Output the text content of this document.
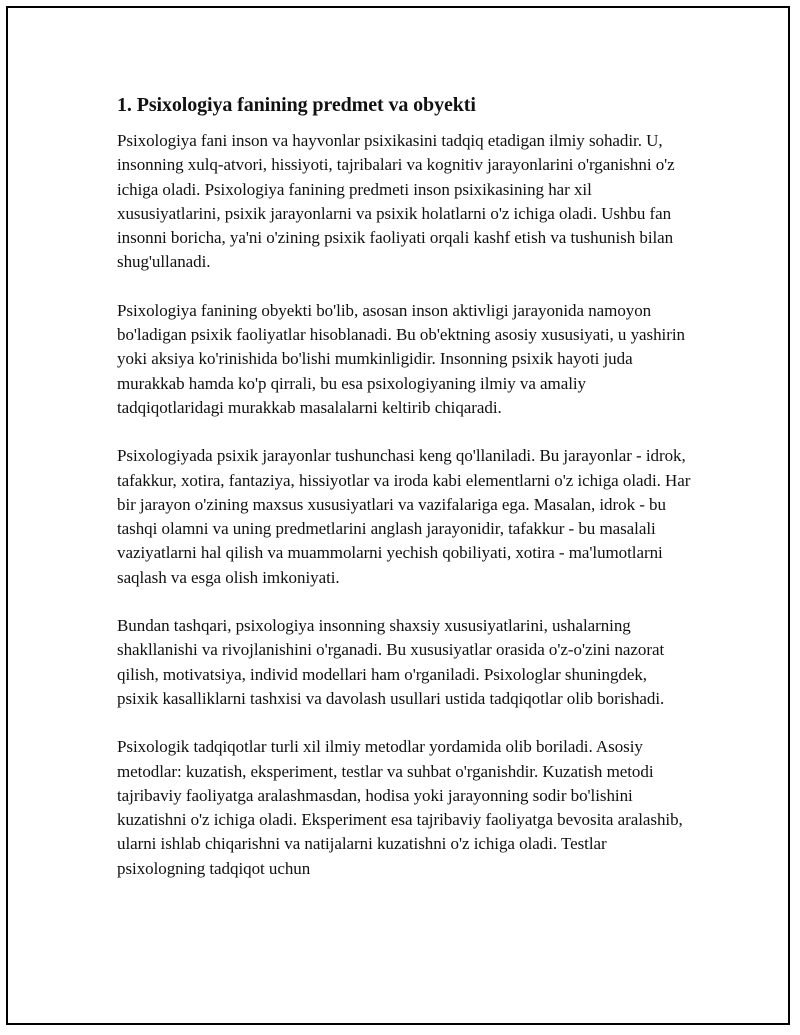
1. Psixologiya fanining predmet va obyekti

Psixologiya fani inson va hayvonlar psixikasini tadqiq etadigan ilmiy sohadir. U, insonning xulq-atvori, hissiyoti, tajribalari va kognitiv jarayonlarini o'rganishni o'z ichiga oladi. Psixologiya fanining predmeti inson psixikasining har xil xususiyatlarini, psixik jarayonlarni va psixik holatlarni o'z ichiga oladi. Ushbu fan insonni boricha, ya'ni o'zining psixik faoliyati orqali kashf etish va tushunish bilan shug'ullanadi.

Psixologiya fanining obyekti bo'lib, asosan inson aktivligi jarayonida namoyon bo'ladigan psixik faoliyatlar hisoblanadi. Bu ob'ektning asosiy xususiyati, u yashirin yoki aksiya ko'rinishida bo'lishi mumkinligidir. Insonning psixik hayoti juda murakkab hamda ko'p qirrali, bu esa psixologiyaning ilmiy va amaliy tadqiqotlaridagi murakkab masalalarni keltirib chiqaradi.

Psixologiyada psixik jarayonlar tushunchasi keng qo'llaniladi. Bu jarayonlar - idrok, tafakkur, xotira, fantaziya, hissiyotlar va iroda kabi elementlarni o'z ichiga oladi. Har bir jarayon o'zining maxsus xususiyatlari va vazifalariga ega. Masalan, idrok - bu tashqi olamni va uning predmetlarini anglash jarayonidir, tafakkur - bu masalali vaziyatlarni hal qilish va muammolarni yechish qobiliyati, xotira - ma'lumotlarni saqlash va esga olish imkoniyati.

Bundan tashqari, psixologiya insonning shaxsiy xususiyatlarini, ushalarning shakllanishi va rivojlanishini o'rganadi. Bu xususiyatlar orasida o'z-o'zini nazorat qilish, motivatsiya, individ modellari ham o'rganiladi. Psixologlar shuningdek, psixik kasalliklarni tashxisi va davolash usullari ustida tadqiqotlar olib borishadi.

Psixologik tadqiqotlar turli xil ilmiy metodlar yordamida olib boriladi. Asosiy metodlar: kuzatish, eksperiment, testlar va suhbat o'rganishdir. Kuzatish metodi tajribaviy faoliyatga aralashmasdan, hodisa yoki jarayonning sodir bo'lishini kuzatishni o'z ichiga oladi. Eksperiment esa tajribaviy faoliyatga bevosita aralashib, ularni ishlab chiqarishni va natijalarni kuzatishni o'z ichiga oladi. Testlar psixologning tadqiqot uchun
